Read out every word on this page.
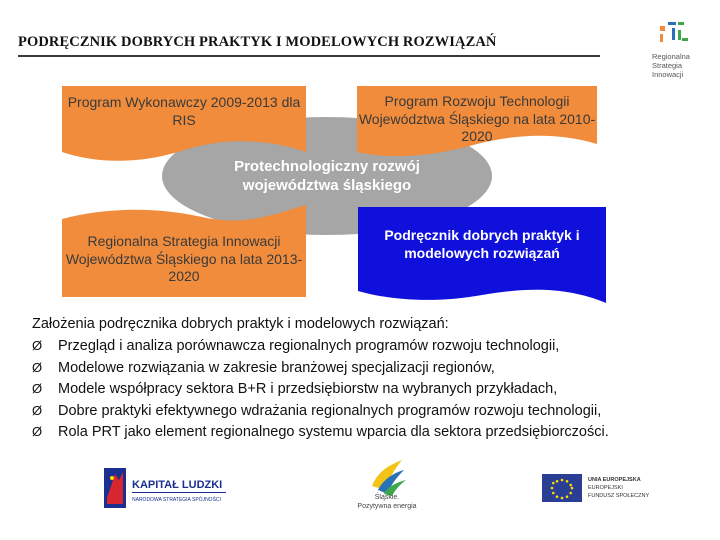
PODRĘCZNIK DOBRYCH PRAKTYK I MODELOWYCH ROZWIĄZAŃ
Regionalna
Strategia
Innowacji
Program Wykonawczy 2009-2013 dla RIS
Program Rozwoju Technologii Województwa Śląskiego na lata 2010-2020
Protechnologiczny rozwój województwa śląskiego
Regionalna Strategia Innowacji Województwa Śląskiego na lata 2013-2020
Podręcznik dobrych praktyk i modelowych rozwiązań
Założenia podręcznika dobrych praktyk i modelowych rozwiązań:
Ø Przegląd i analiza porównawcza regionalnych programów rozwoju technologii,
Ø Modelowe rozwiązania w zakresie branżowej specjalizacji regionów,
Ø Modele współpracy sektora B+R i przedsiębiorstw na wybranych przykładach,
Ø Dobre praktyki efektywnego wdrażania regionalnych programów rozwoju technologii,
Ø Rola PRT jako element regionalnego systemu wparcia dla sektora przedsiębiorczości.
KAPITAŁ LUDZKI
NARODOWA STRATEGIA SPÓJNOŚCI	Śląskie.
Pozytywna energia
UNIA EUROPEJSKA
EUROPEJSKI
FUNDUSZ SPOŁECZNY
